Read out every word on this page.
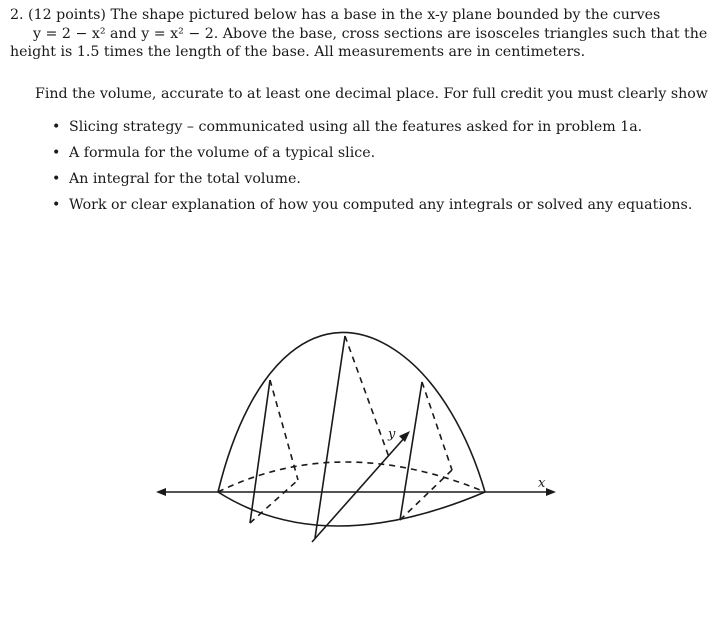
2. (12 points) The shape pictured below has a base in the x-y plane bounded by the curves
y = 2 − x² and y = x² − 2. Above the base, cross sections are isosceles triangles such that the
height is 1.5 times the length of the base. All measurements are in centimeters.
Find the volume, accurate to at least one decimal place. For full credit you must clearly show
• Slicing strategy – communicated using all the features asked for in problem 1a.
• A formula for the volume of a typical slice.
• An integral for the total volume.
• Work or clear explanation of how you computed any integrals or solved any equations.
x
y
